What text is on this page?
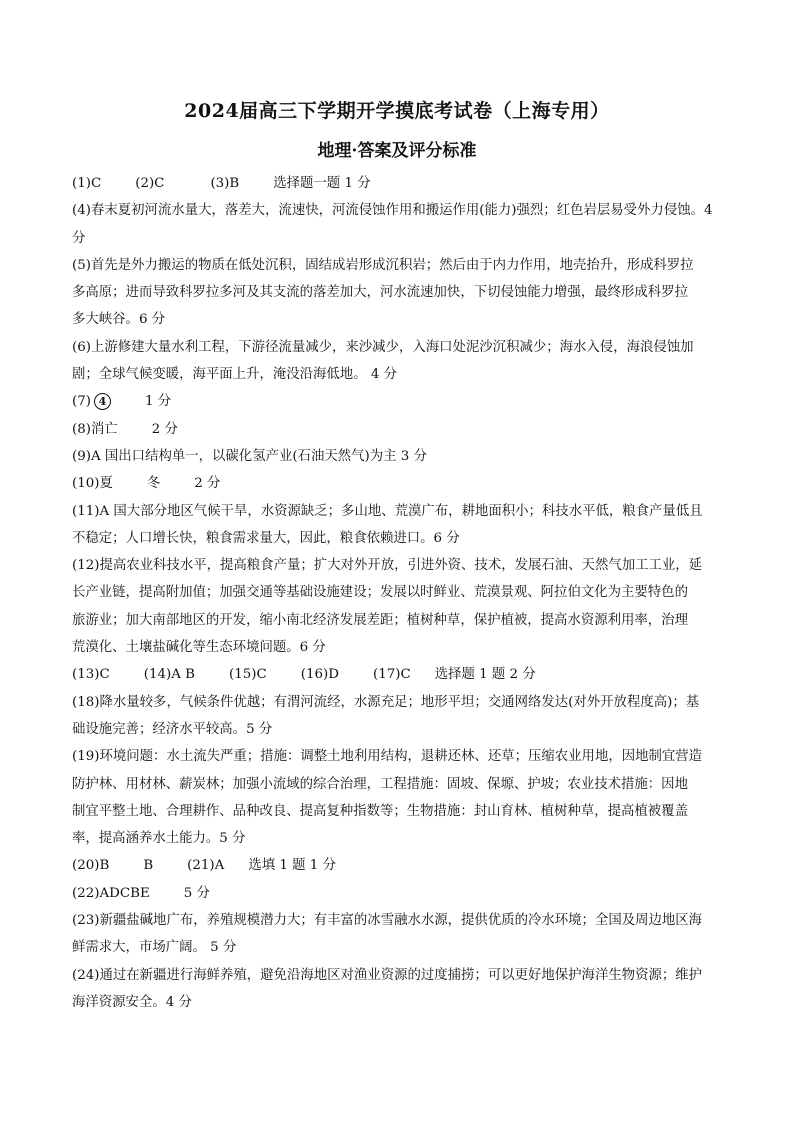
2024届高三下学期开学摸底考试卷（上海专用）
地理·答案及评分标准
(1)C	(2)C	(3)B	选择题一题 1 分
(4)春末夏初河流水量大，落差大，流速快，河流侵蚀作用和搬运作用(能力)强烈；红色岩层易受外力侵蚀。4
分
(5)首先是外力搬运的物质在低处沉积，固结成岩形成沉积岩；然后由于内力作用，地壳抬升，形成科罗拉
多高原；进而导致科罗拉多河及其支流的落差加大，河水流速加快，下切侵蚀能力增强，最终形成科罗拉
多大峡谷。6 分
(6)上游修建大量水利工程，下游径流量减少，来沙减少，入海口处泥沙沉积减少；海水入侵，海浪侵蚀加
剧；全球气候变暖，海平面上升，淹没沿海低地。 4 分
(7) 4	1 分
(8)消亡	2 分
(9)A 国出口结构单一，以碳化氢产业(石油天然气)为主 3 分
(10)夏	冬	2 分
(11)A 国大部分地区气候干旱，水资源缺乏；多山地、荒漠广布，耕地面积小；科技水平低，粮食产量低且
不稳定；人口增长快，粮食需求量大，因此，粮食依赖进口。6 分
(12)提高农业科技水平，提高粮食产量；扩大对外开放，引进外资、技术，发展石油、天然气加工工业，延
长产业链，提高附加值；加强交通等基础设施建设；发展以时鲜业、荒漠景观、阿拉伯文化为主要特色的
旅游业；加大南部地区的开发，缩小南北经济发展差距；植树种草，保护植被，提高水资源利用率，治理
荒漠化、土壤盐碱化等生态环境问题。6 分
(13)C	(14)A B	(15)C	(16)D	(17)C 选择题 1 题 2 分
(18)降水量较多，气候条件优越；有渭河流经，水源充足；地形平坦；交通网络发达(对外开放程度高)；基
础设施完善；经济水平较高。5 分
(19)环境问题：水土流失严重；措施：调整土地利用结构，退耕还林、还草；压缩农业用地，因地制宜营造
防护林、用材林、薪炭林；加强小流域的综合治理，工程措施：固坡、保塬、护坡；农业技术措施：因地
制宜平整土地、合理耕作、品种改良、提高复种指数等；生物措施：封山育林、植树种草，提高植被覆盖
率，提高涵养水土能力。5 分
(20)B	B	(21)A 选填 1 题 1 分
(22)ADCBE	5 分
(23)新疆盐碱地广布，养殖规模潜力大；有丰富的冰雪融水水源，提供优质的冷水环境；全国及周边地区海
鲜需求大，市场广阔。 5 分
(24)通过在新疆进行海鲜养殖，避免沿海地区对渔业资源的过度捕捞；可以更好地保护海洋生物资源；维护
海洋资源安全。4 分
